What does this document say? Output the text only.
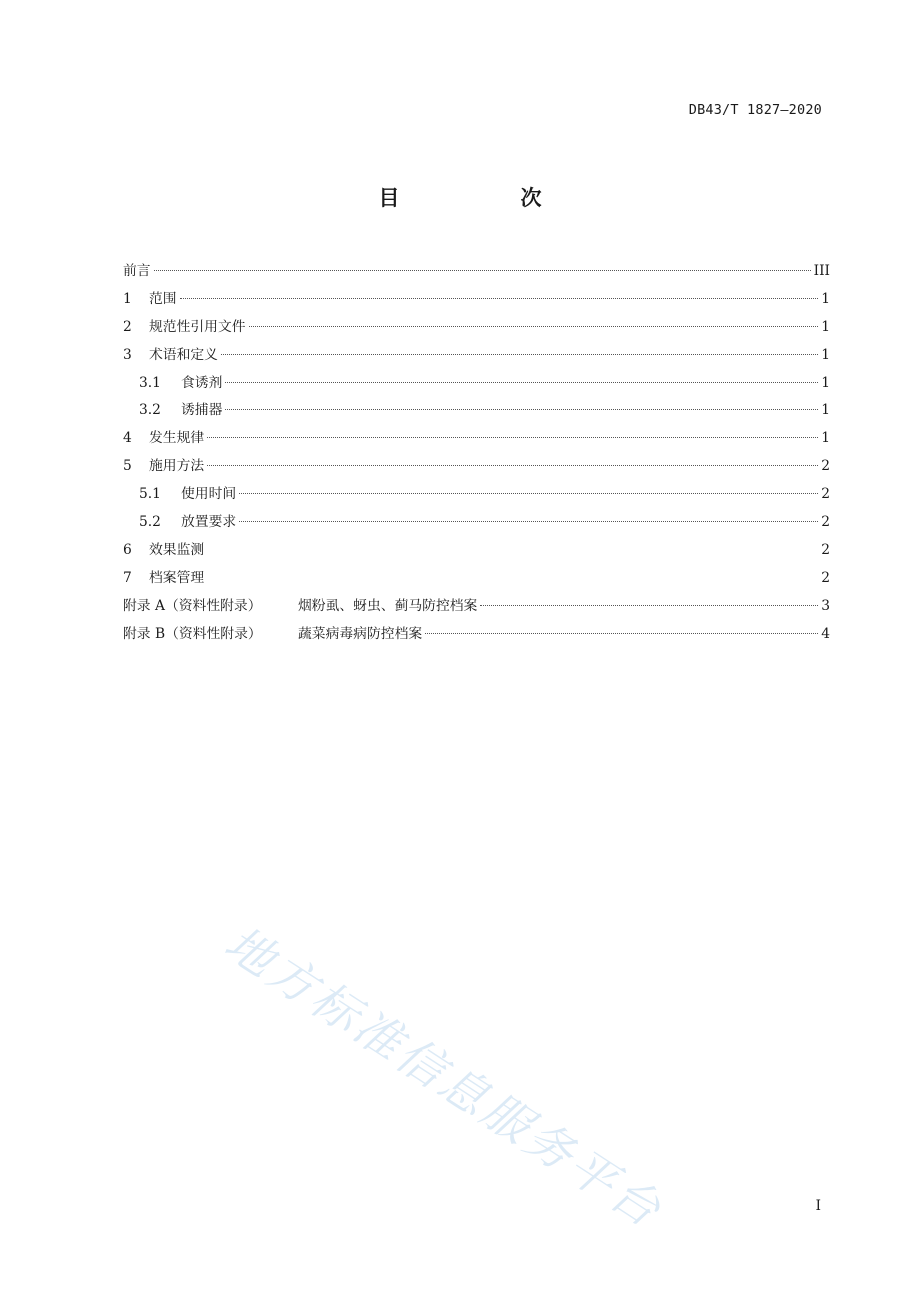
DB43/T 1827—2020
目　次
前言	III
1	范围	1
2	规范性引用文件	1
3	术语和定义	1
3.1	食诱剂	1
3.2	诱捕器	1
4	发生规律	1
5	施用方法	2
5.1	使用时间	2
5.2	放置要求	2
6	效果监测	2
7	档案管理	2
附录 A（资料性附录）	烟粉虱、蚜虫、蓟马防控档案	3
附录 B（资料性附录）	蔬菜病毒病防控档案	4
I
地方标准信息服务平台
